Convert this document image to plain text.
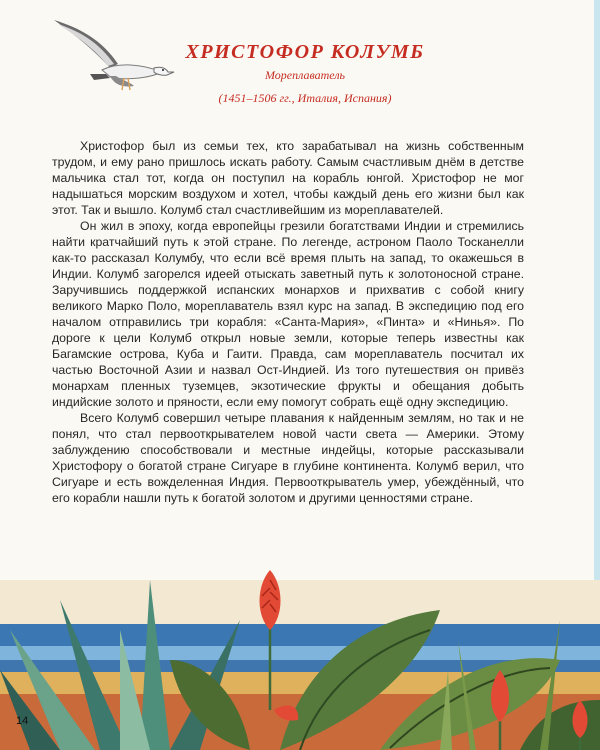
ХРИСТОФОР КОЛУМБ
Мореплаватель
(1451–1506 гг., Италия, Испания)

Христофор был из семьи тех, кто зарабатывал на жизнь собственным трудом, и ему рано пришлось искать работу. Самым счастливым днём в детстве мальчика стал тот, когда он поступил на корабль юнгой. Христофор не мог надышаться морским воздухом и хотел, чтобы каждый день его жизни был как этот. Так и вышло. Колумб стал счастливейшим из мореплавателей.

Он жил в эпоху, когда европейцы грезили богатствами Индии и стремились найти кратчайший путь к этой стране. По легенде, астроном Паоло Тосканелли как-то рассказал Колумбу, что если всё время плыть на запад, то окажешься в Индии. Колумб загорелся идеей отыскать заветный путь к золотоносной стране. Заручившись поддержкой испанских монархов и прихватив с собой книгу великого Марко Поло, мореплаватель взял курс на запад. В экспедицию под его началом отправились три корабля: «Санта-Мария», «Пинта» и «Нинья». По дороге к цели Колумб открыл новые земли, которые теперь известны как Багамские острова, Куба и Гаити. Правда, сам мореплаватель посчитал их частью Восточной Азии и назвал Ост-Индией. Из того путешествия он привёз монархам пленных туземцев, экзотические фрукты и обещания добыть индийские золото и пряности, если ему помогут собрать ещё одну экспедицию.

Всего Колумб совершил четыре плавания к найденным землям, но так и не понял, что стал первооткрывателем новой части света — Америки. Этому заблуждению способствовали и местные индейцы, которые рассказывали Христофору о богатой стране Сигуаре в глубине континента. Колумб верил, что Сигуаре и есть вожделенная Индия. Первооткрыватель умер, убеждённый, что его корабли нашли путь к богатой золотом и другими ценностями стране.

14
